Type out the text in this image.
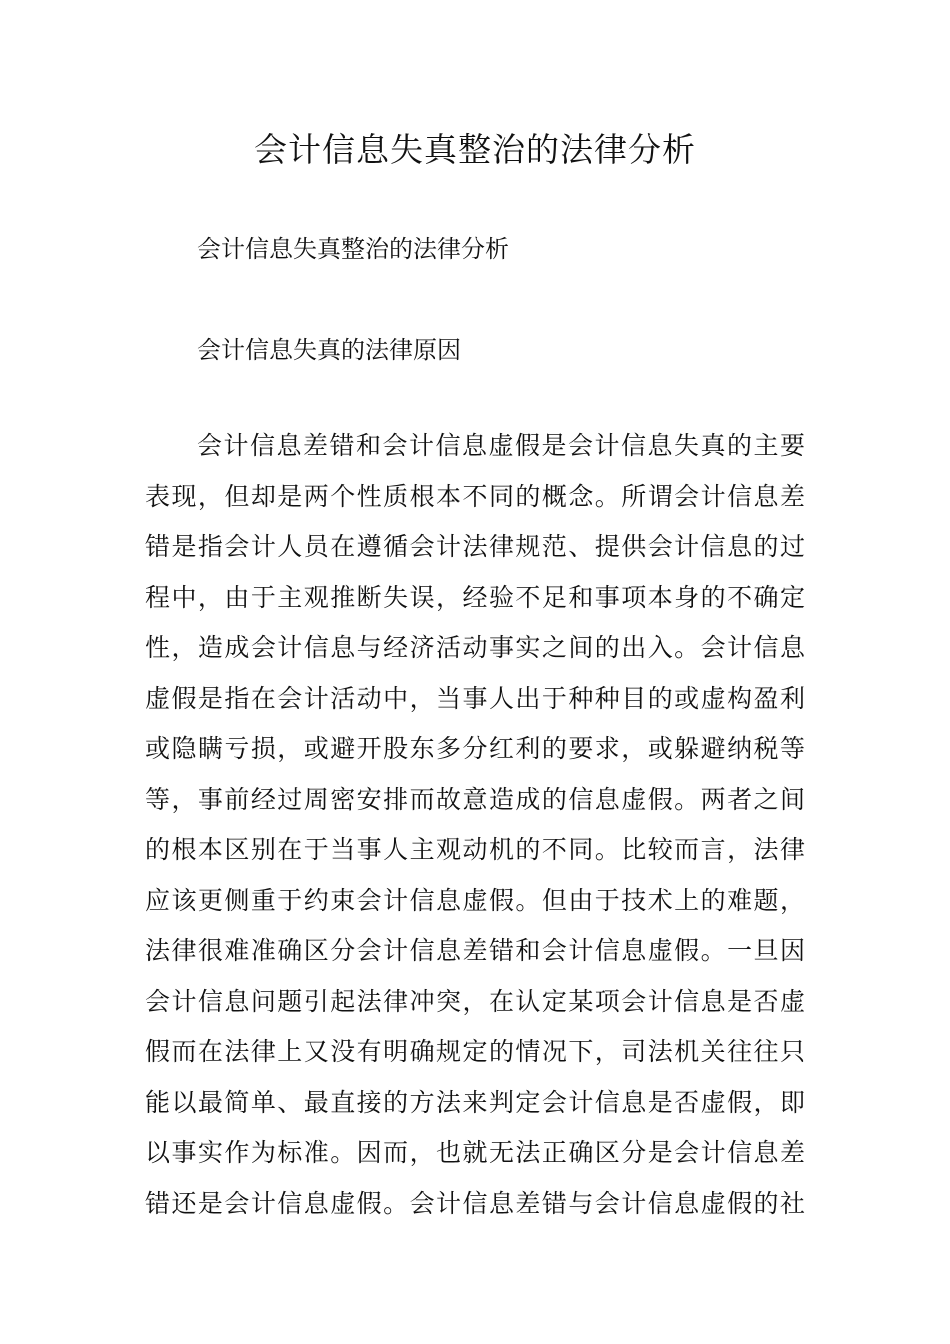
会计信息失真整治的法律分析

会计信息失真整治的法律分析

会计信息失真的法律原因

会计信息差错和会计信息虚假是会计信息失真的主要
表现，但却是两个性质根本不同的概念。所谓会计信息差
错是指会计人员在遵循会计法律规范、提供会计信息的过
程中，由于主观推断失误，经验不足和事项本身的不确定
性，造成会计信息与经济活动事实之间的出入。会计信息
虚假是指在会计活动中，当事人出于种种目的或虚构盈利
或隐瞒亏损，或避开股东多分红利的要求，或躲避纳税等
等，事前经过周密安排而故意造成的信息虚假。两者之间
的根本区别在于当事人主观动机的不同。比较而言，法律
应该更侧重于约束会计信息虚假。但由于技术上的难题，
法律很难准确区分会计信息差错和会计信息虚假。一旦因
会计信息问题引起法律冲突，在认定某项会计信息是否虚
假而在法律上又没有明确规定的情况下，司法机关往往只
能以最简单、最直接的方法来判定会计信息是否虚假，即
以事实作为标准。因而，也就无法正确区分是会计信息差
错还是会计信息虚假。会计信息差错与会计信息虚假的社
